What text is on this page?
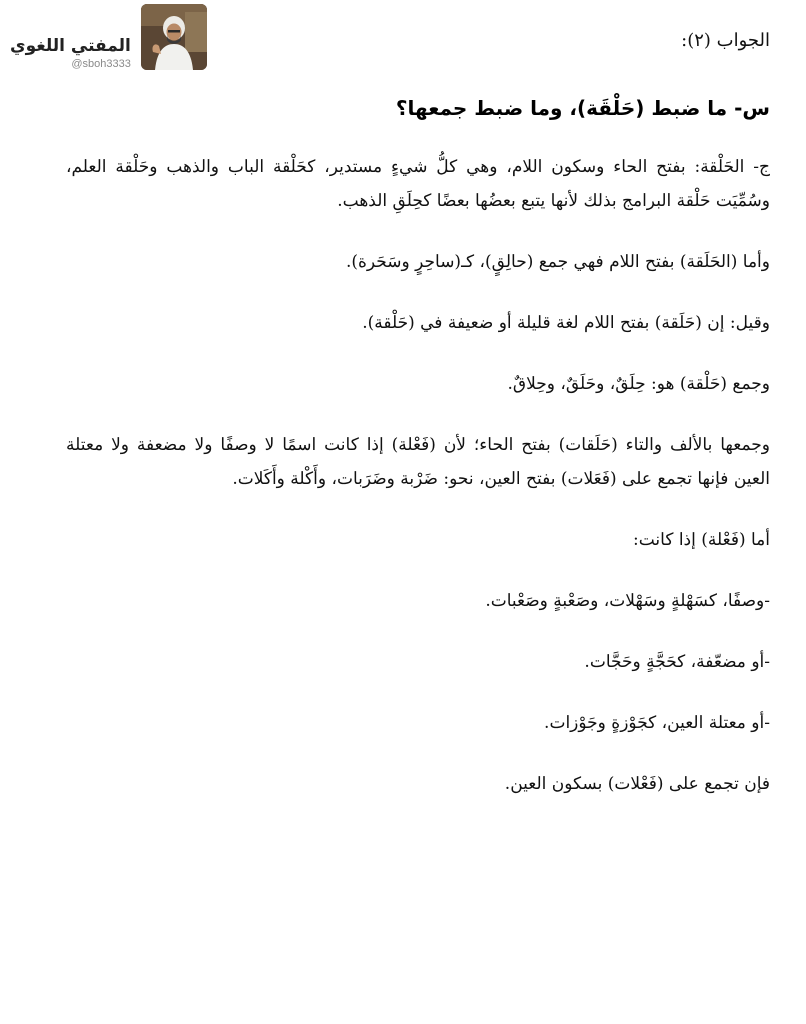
المفتي اللغوي
@sboh3333
الجواب (٢):

س- ما ضبط (حَلْقَة)، وما ضبط جمعها؟

ج- الحَلْقة: بفتح الحاء وسكون اللام، وهي كلُّ شيءٍ مستدير، كحَلْقة الباب والذهب وحَلْقة العلم، وسُمِّيَت حَلْقة البرامج بذلك لأنها يتبع بعضُها بعضًا كحِلَقِ الذهب.

وأما (الحَلَقة) بفتح اللام فهي جمع (حالِقٍ)، كـ(ساحِرٍ وسَحَرة).

وقيل: إن (حَلَقة) بفتح اللام لغة قليلة أو ضعيفة في (حَلْقة).

وجمع (حَلْقة) هو: حِلَقٌ، وحَلَقٌ، وحِلاقٌ.

وجمعها بالألف والتاء (حَلَقات) بفتح الحاء؛ لأن (فَعْلة) إذا كانت اسمًا لا وصفًا ولا مضعفة ولا معتلة العين فإنها تجمع على (فَعَلات) بفتح العين، نحو: ضَرْبة وضَرَبات، وأَكْلة وأَكَلات.

أما (فَعْلة) إذا كانت:

-وصفًا، كسَهْلةٍ وسَهْلات، وصَعْبةٍ وصَعْبات.

-أو مضعّفة، كحَجَّةٍ وحَجَّات.

-أو معتلة العين، كجَوْزةٍ وجَوْزات.

فإن تجمع على (فَعْلات) بسكون العين.
